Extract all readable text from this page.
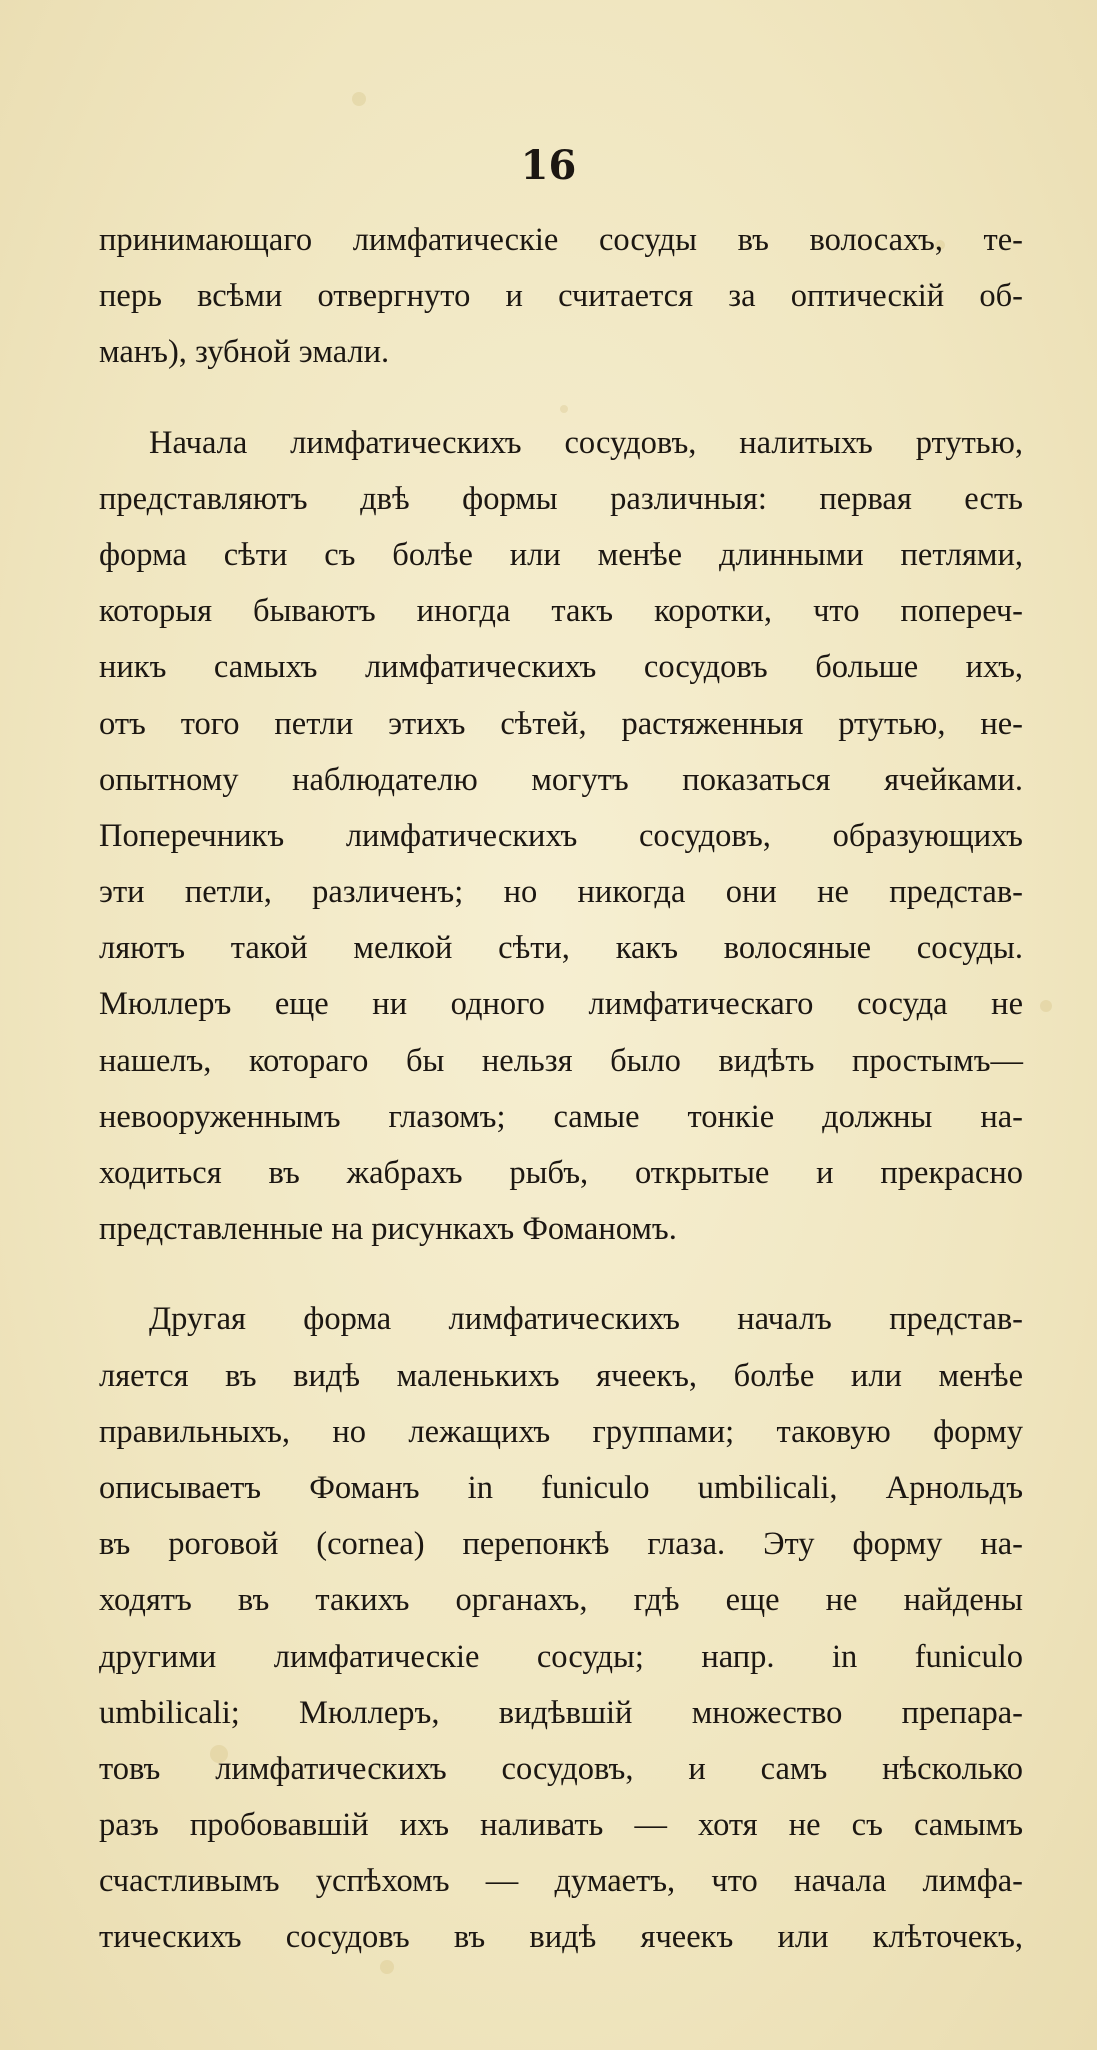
16
принимающаго лимфатическіе сосуды въ волосахъ, те-
перь всѣми отвергнуто и считается за оптическій об-
манъ), зубной эмали.
Начала лимфатическихъ сосудовъ, налитыхъ ртутью,
представляютъ двѣ формы различныя: первая есть
форма сѣти съ болѣе или менѣе длинными петлями,
которыя бываютъ иногда такъ коротки, что попереч-
никъ самыхъ лимфатическихъ сосудовъ больше ихъ,
отъ того петли этихъ сѣтей, растяженныя ртутью, не-
опытному наблюдателю могутъ показаться ячейками.
Поперечникъ лимфатическихъ сосудовъ, образующихъ
эти петли, различенъ; но никогда они не представ-
ляютъ такой мелкой сѣти, какъ волосяные сосуды.
Мюллеръ еще ни одного лимфатическаго сосуда не
нашелъ, котораго бы нельзя было видѣть простымъ—
невооруженнымъ глазомъ; самые тонкіе должны на-
ходиться въ жабрахъ рыбъ, открытые и прекрасно
представленные на рисункахъ Фоманомъ.
Другая форма лимфатическихъ началъ представ-
ляется въ видѣ маленькихъ ячеекъ, болѣе или менѣе
правильныхъ, но лежащихъ группами; таковую форму
описываетъ Фоманъ in funiculo umbilicali, Арнольдъ
въ роговой (cornea) перепонкѣ глаза. Эту форму на-
ходятъ въ такихъ органахъ, гдѣ еще не найдены
другими лимфатическіе сосуды; напр. in funiculo
umbilicali; Мюллеръ, видѣвшій множество препара-
товъ лимфатическихъ сосудовъ, и самъ нѣсколько
разъ пробовавшій ихъ наливать — хотя не съ самымъ
счастливымъ успѣхомъ — думаетъ, что начала лимфа-
тическихъ сосудовъ въ видѣ ячеекъ или клѣточекъ,
